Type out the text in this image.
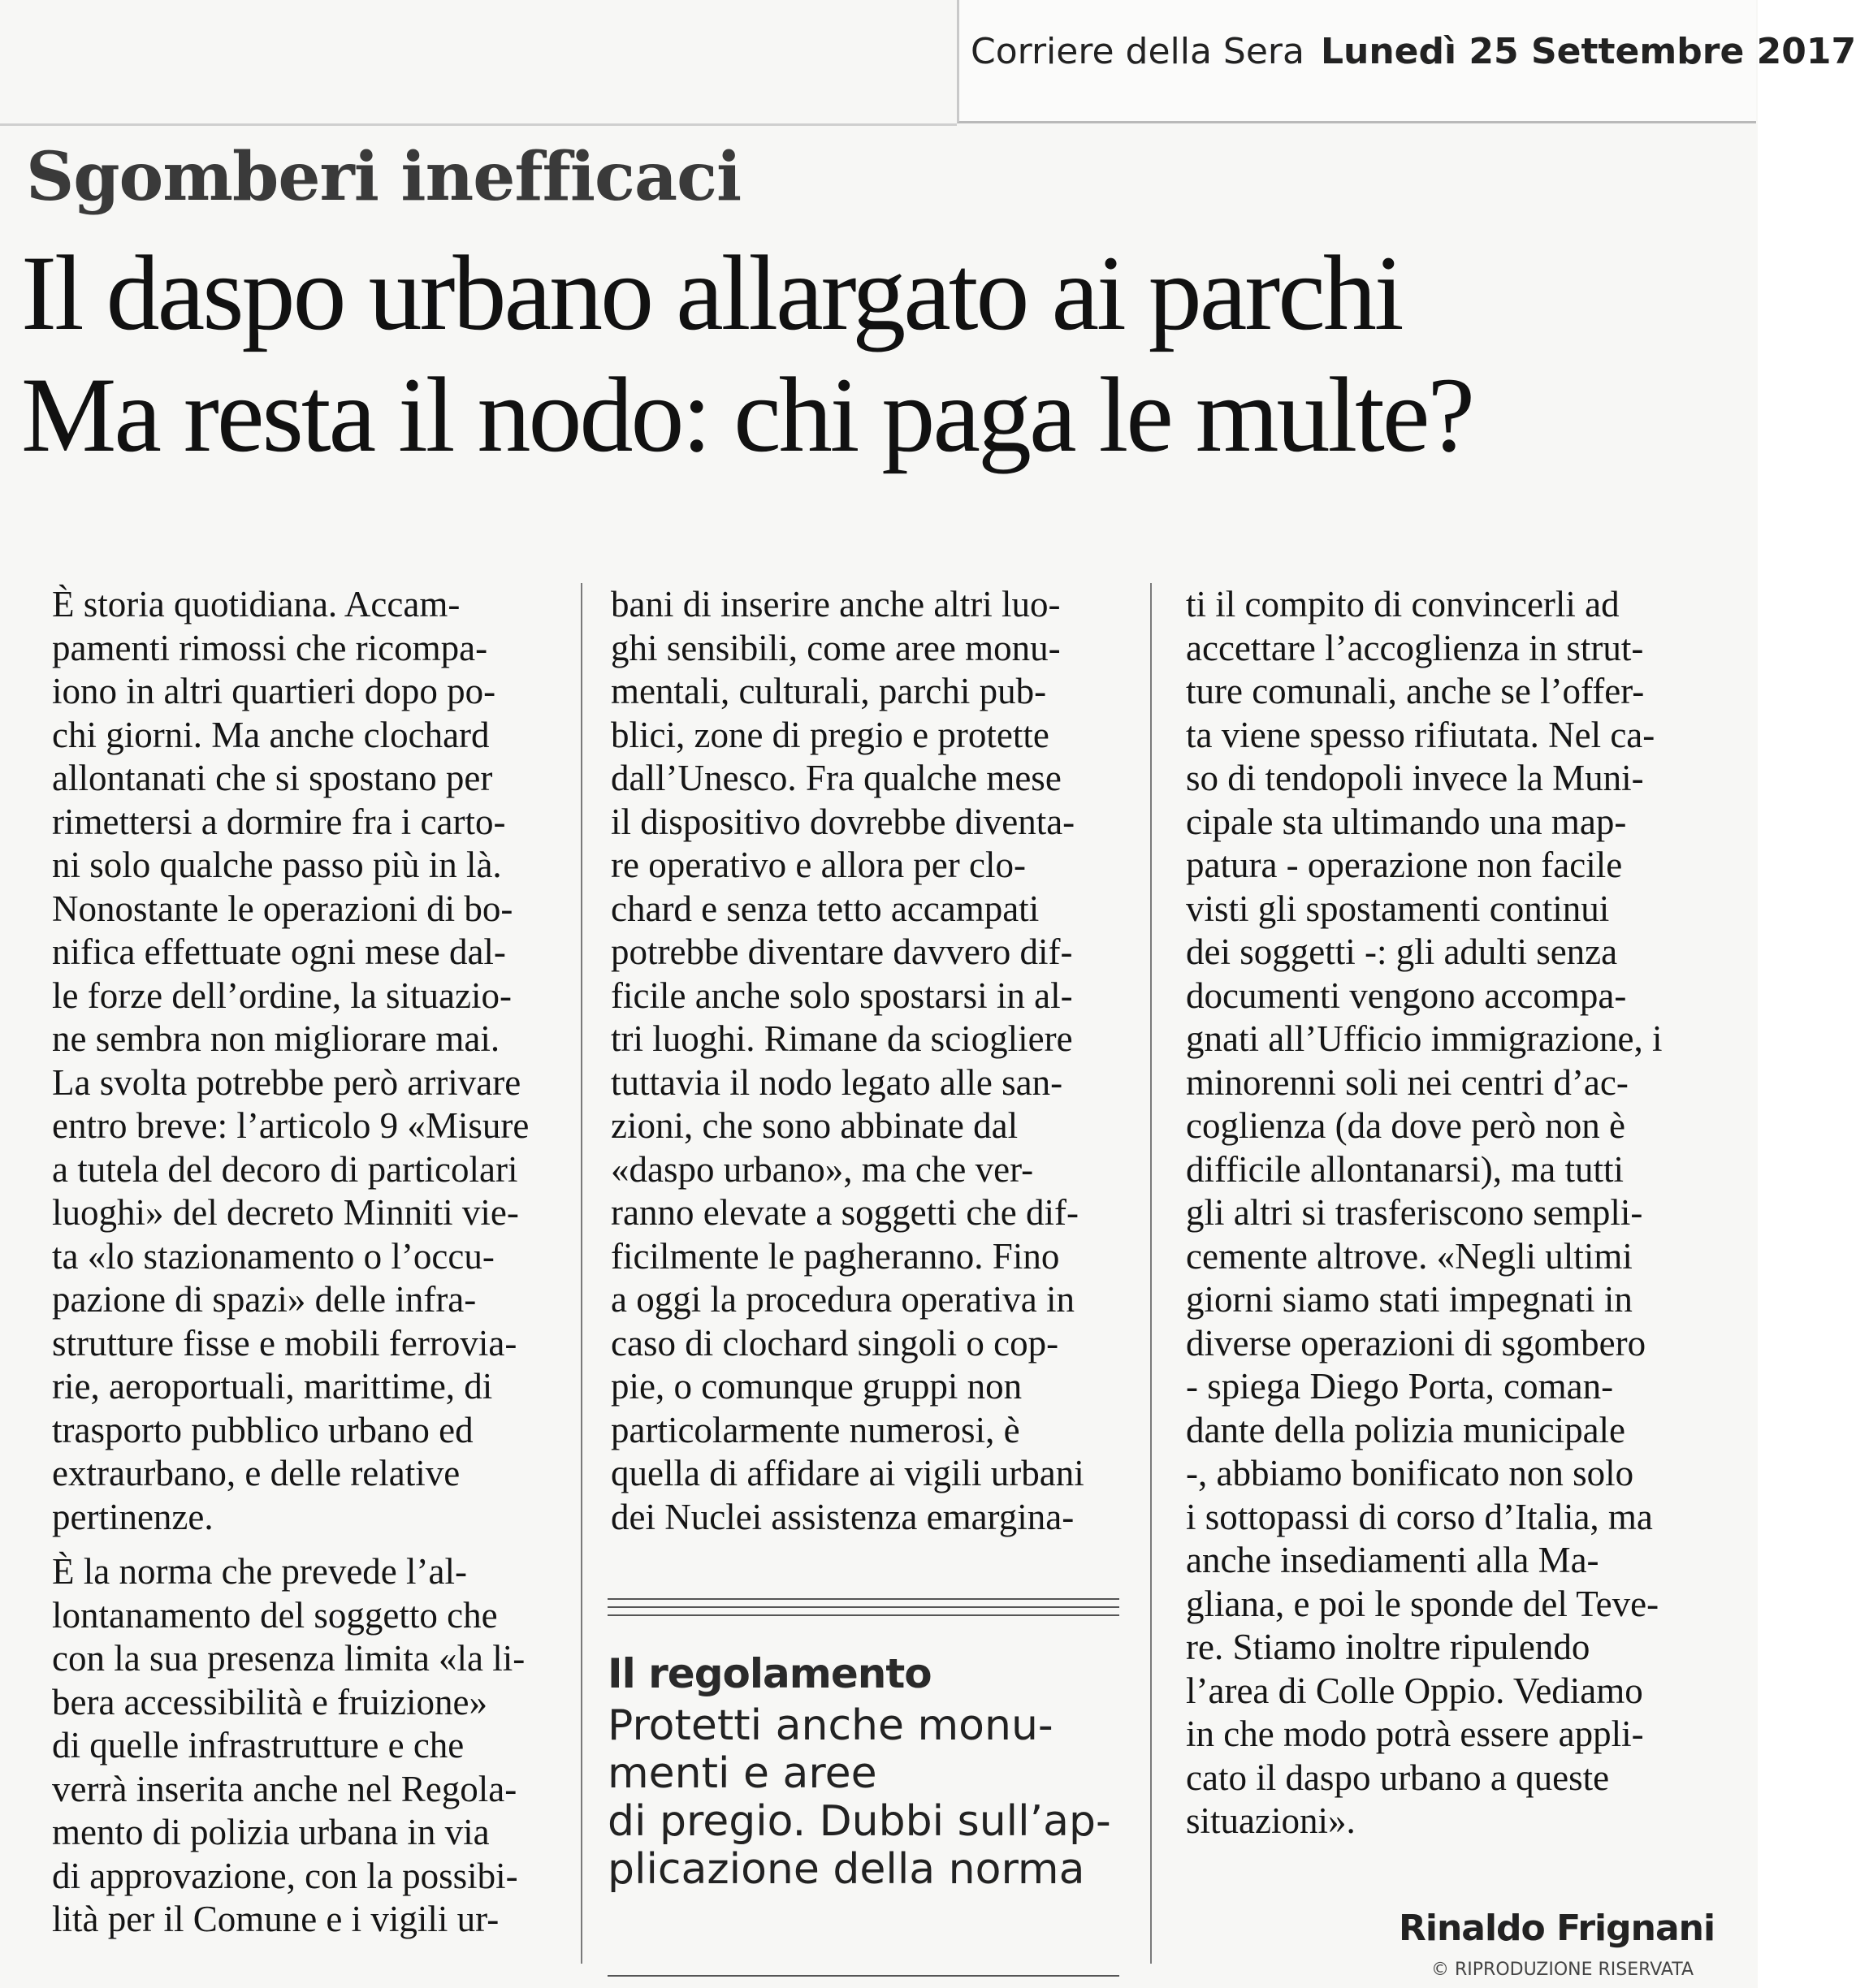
Corriere della Sera Lunedì 25 Settembre 2017
Sgomberi inefficaci
Il daspo urbano allargato ai parchi
Ma resta il nodo: chi paga le multe?

È storia quotidiana. Accam-

pamenti rimossi che ricompa-

iono in altri quartieri dopo po-

chi giorni. Ma anche clochard

allontanati che si spostano per

rimettersi a dormire fra i carto-

ni solo qualche passo più in là.

Nonostante le operazioni di bo-

nifica effettuate ogni mese dal-

le forze dell’ordine, la situazio-

ne sembra non migliorare mai.

La svolta potrebbe però arrivare

entro breve: l’articolo 9 «Misure

a tutela del decoro di particolari

luoghi» del decreto Minniti vie-

ta «lo stazionamento o l’occu-

pazione di spazi» delle infra-

strutture fisse e mobili ferrovia-

rie, aeroportuali, marittime, di

trasporto pubblico urbano ed

extraurbano, e delle relative

pertinenze.

È la norma che prevede l’al-

lontanamento del soggetto che

con la sua presenza limita «la li-

bera accessibilità e fruizione»

di quelle infrastrutture e che

verrà inserita anche nel Regola-

mento di polizia urbana in via

di approvazione, con la possibi-

lità per il Comune e i vigili ur-

bani di inserire anche altri luo-

ghi sensibili, come aree monu-

mentali, culturali, parchi pub-

blici, zone di pregio e protette

dall’Unesco. Fra qualche mese

il dispositivo dovrebbe diventa-

re operativo e allora per clo-

chard e senza tetto accampati

potrebbe diventare davvero dif-

ficile anche solo spostarsi in al-

tri luoghi. Rimane da sciogliere

tuttavia il nodo legato alle san-

zioni, che sono abbinate dal

«daspo urbano», ma che ver-

ranno elevate a soggetti che dif-

ficilmente le pagheranno. Fino

a oggi la procedura operativa in

caso di clochard singoli o cop-

pie, o comunque gruppi non

particolarmente numerosi, è

quella di affidare ai vigili urbani

dei Nuclei assistenza emargina-

ti il compito di convincerli ad

accettare l’accoglienza in strut-

ture comunali, anche se l’offer-

ta viene spesso rifiutata. Nel ca-

so di tendopoli invece la Muni-

cipale sta ultimando una map-

patura - operazione non facile

visti gli spostamenti continui

dei soggetti -: gli adulti senza

documenti vengono accompa-

gnati all’Ufficio immigrazione, i

minorenni soli nei centri d’ac-

coglienza (da dove però non è

difficile allontanarsi), ma tutti

gli altri si trasferiscono sempli-

cemente altrove. «Negli ultimi

giorni siamo stati impegnati in

diverse operazioni di sgombero

- spiega Diego Porta, coman-

dante della polizia municipale

-, abbiamo bonificato non solo

i sottopassi di corso d’Italia, ma

anche insediamenti alla Ma-

gliana, e poi le sponde del Teve-

re. Stiamo inoltre ripulendo

l’area di Colle Oppio. Vediamo

in che modo potrà essere appli-

cato il daspo urbano a queste

situazioni».

Il regolamento
Protetti anche monu-
menti e aree
di pregio. Dubbi sull’ap-
plicazione della norma
Rinaldo Frignani
© RIPRODUZIONE RISERVATA
